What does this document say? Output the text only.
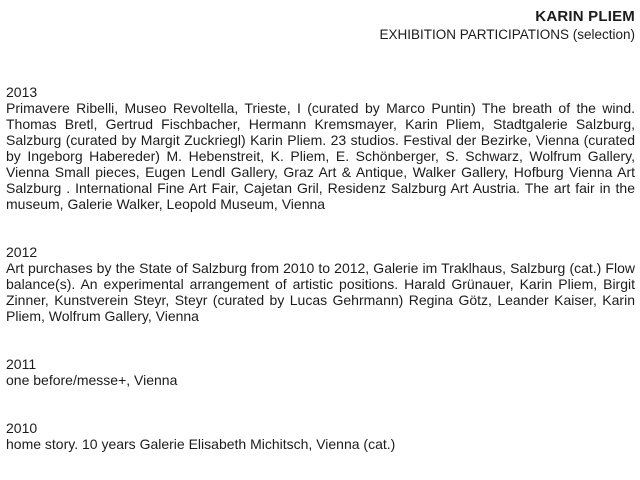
KARIN PLIEM
EXHIBITION PARTICIPATIONS (selection)
2013

Primavere Ribelli, Museo Revoltella, Trieste, I (curated by Marco Puntin) The breath of the wind. Thomas Bretl, Gertrud Fischbacher, Hermann Kremsmayer, Karin Pliem, Stadtgalerie Salzburg, Salzburg (curated by Margit Zuckriegl) Karin Pliem. 23 studios. Festival der Bezirke, Vienna (curated by Ingeborg Habereder) M. Hebenstreit, K. Pliem, E. Schönberger, S. Schwarz, Wolfrum Gallery, Vienna Small pieces, Eugen Lendl Gallery, Graz Art & Antique, Walker Gallery, Hofburg Vienna Art Salzburg . International Fine Art Fair, Cajetan Gril, Residenz Salzburg Art Austria. The art fair in the museum, Galerie Walker, Leopold Museum, Vienna

2012

Art purchases by the State of Salzburg from 2010 to 2012, Galerie im Traklhaus, Salzburg (cat.) Flow balance(s). An experimental arrangement of artistic positions. Harald Grünauer, Karin Pliem, Birgit Zinner, Kunstverein Steyr, Steyr (curated by Lucas Gehrmann) Regina Götz, Leander Kaiser, Karin Pliem, Wolfrum Gallery, Vienna

2011

one before/messe+, Vienna

2010

home story. 10 years Galerie Elisabeth Michitsch, Vienna (cat.)
